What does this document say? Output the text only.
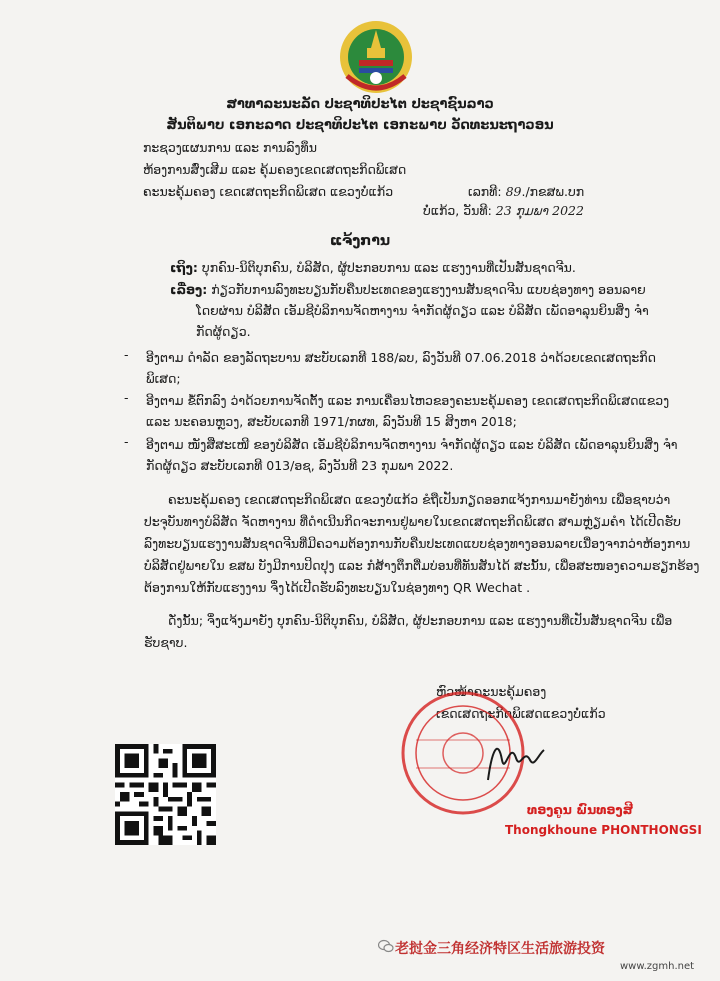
ສາທາລະນະລັດ ປະຊາທິປະໄຕ ປະຊາຊົນລາວ
ສັນຕິພາບ ເອກະລາດ ປະຊາທິປະໄຕ ເອກະພາບ ວັດທະນະຖາວອນ
ກະຊວງແຜນການ ແລະ ການລົງທຶນ
ຫ້ອງການສົ່ງເສີມ ແລະ ຄຸ້ມຄອງເຂດເສດຖະກິດພິເສດ
ຄະນະຄຸ້ມຄອງ ເຂດເສດຖະກິດພິເສດ ແຂວງບໍ່ແກ້ວ	ເລກທີ: 89./ກຂສພ.ບກ
ບໍ່ແກ້ວ, ວັນທີ: 23 ກຸມພາ 2022
ແຈ້ງການ
ເຖິງ: ບຸກຄົນ-ນິຕິບຸກຄົນ, ບໍລິສັດ, ຜູ້ປະກອບການ ແລະ ແຮງງານທີ່ເປັນສັນຊາດຈີນ.
ເລື່ອງ: ກ່ຽວກັບການລົງທະບຽນກັບຄືນປະເທດຂອງແຮງງານສັນຊາດຈີນ ແບບຊ່ອງທາງ ອອນລາຍ
ໂດຍຜ່ານ ບໍລິສັດ ເອັມຊີບໍລິການຈັດຫາງານ ຈຳກັດຜູ້ດຽວ ແລະ ບໍລິສັດ ເພັດອາລຸນຍິນສິ່ງ ຈຳ
ກັດຜູ້ດຽວ.
- ອີງຕາມ ດຳລັດ ຂອງລັດຖະບານ ສະບັບເລກທີ 188/ລບ, ລົງວັນທີ 07.06.2018 ວ່າດ້ວຍເຂດເສດຖະກິດ
ພິເສດ;
- ອີງຕາມ ຂໍ້ຕົກລົງ ວ່າດ້ວຍການຈັດຕັ້ງ ແລະ ການເຄື່ອນໄຫວຂອງຄະນະຄຸ້ມຄອງ ເຂດເສດຖະກິດພິເສດແຂວງ
ແລະ ນະຄອນຫຼວງ, ສະບັບເລກທີ 1971/ກຜທ, ລົງວັນທີ 15 ສິງຫາ 2018;
- ອີງຕາມ ໜັງສືສະເໜີ ຂອງບໍລິສັດ ເອັມຊີບໍລິການຈັດຫາງານ ຈຳກັດຜູ້ດຽວ ແລະ ບໍລິສັດ ເພັດອາລຸນຍິນສິ່ງ ຈຳ
ກັດຜູ້ດຽວ ສະບັບເລກທີ 013/ອຊ, ລົງວັນທີ 23 ກຸມພາ 2022.
ຄະນະຄຸ້ມຄອງ ເຂດເສດຖະກິດພິເສດ ແຂວງບໍ່ແກ້ວ ຂໍຖືເປັນກຽດອອກແຈ້ງການມາຍັງທ່ານ ເພື່ອຊາບວ່າ
ປະຈຸບັນທາງບໍລິສັດ ຈັດຫາງານ ທີ່ດຳເນີນກິດຈະການຢູ່ພາຍໃນເຂດເສດຖະກິດພິເສດ ສາມຫຼ່ຽມຄຳ ໄດ້ເປີດຮັບ
ລົງທະບຽນແຮງງານສັນຊາດຈີນທີ່ມີຄວາມຕ້ອງການກັບຄືນປະເທດແບບຊ່ອງທາງອອນລາຍເນື່ອງຈາກວ່າຫ້ອງການ
ບໍລິສັດຢູ່ພາຍໃນ ຂສພ ບັງມີການປິດປຸງ ແລະ ກໍສ້າງຕຶກຕື່ມບ່ອນທີ່ທັນສັນໄດ້ ສະນັ້ນ, ເພື່ອສະໜອງຄວາມຮຽກຮ້ອງ
ຕ້ອງການໃຫ້ກັບແຮງງານ ຈຶ່ງໄດ້ເປີດຮັບລົງທະບຽນໃນຊ່ອງທາງ QR Wechat .
ດັ່ງນັ້ນ; ຈຶ່ງແຈ້ງມາຍັງ ບຸກຄົນ-ນິຕິບຸກຄົນ, ບໍລິສັດ, ຜູ້ປະກອບການ ແລະ ແຮງງານທີ່ເປັນສັນຊາດຈີນ ເພື່ອ
ຮັບຊາບ.
ຫົວໜ້າຄະນະຄຸ້ມຄອງ
ເຂດເສດຖະກິດພິເສດແຂວງບໍ່ແກ້ວ
ທອງຄູນ ພົນທອງສີ
Thongkhoune PHONTHONGSI
老挝金三角经济特区生活旅游投资
www.zgmh.net
